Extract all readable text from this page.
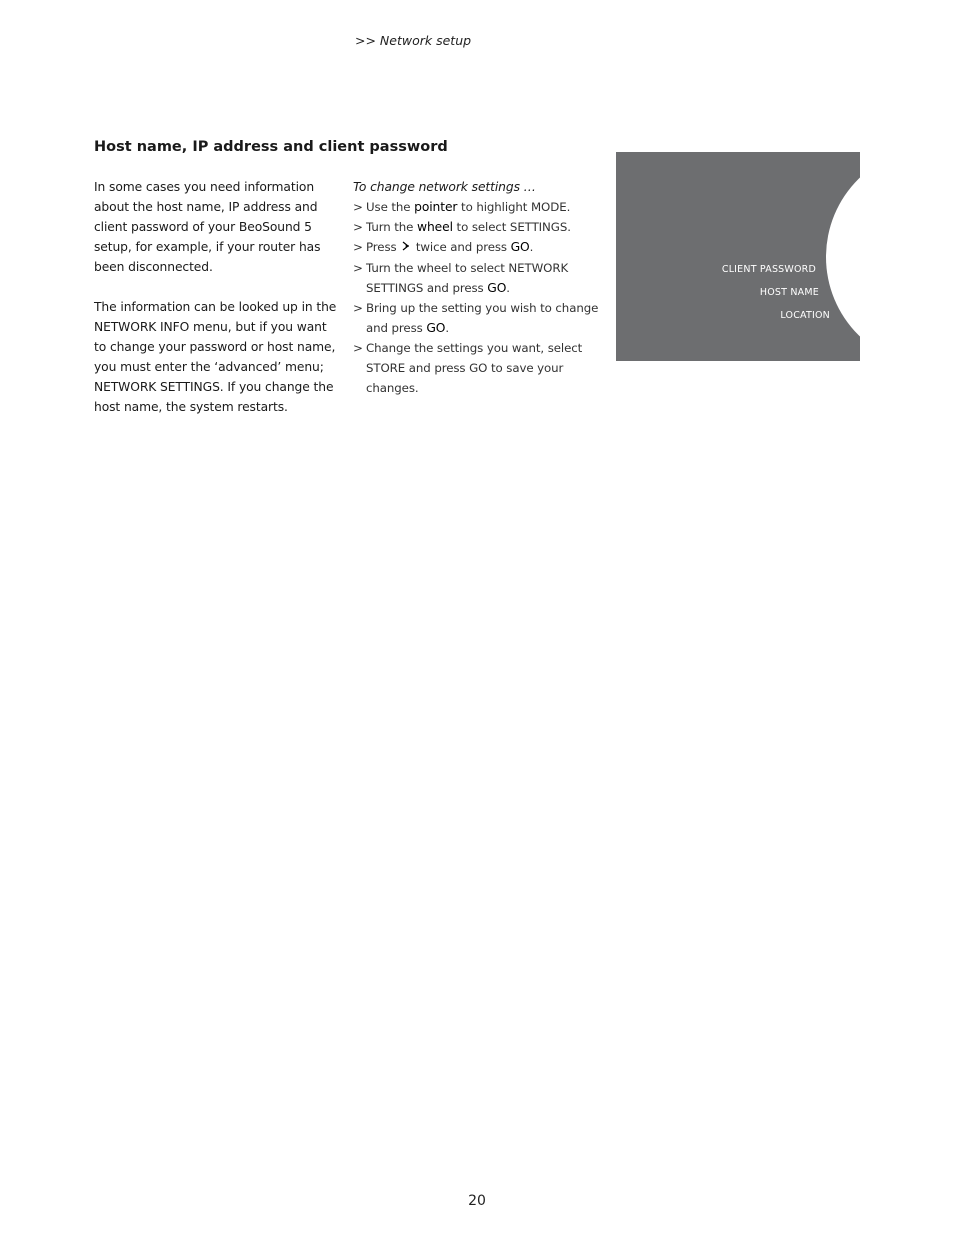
>> Network setup
Host name, IP address and client password

In some cases you need information about the host name, IP address and client password of your BeoSound 5 setup, for example, if your router has been disconnected.

The information can be looked up in the NETWORK INFO menu, but if you want to change your password or host name, you must enter the ‘advanced’ menu; NETWORK SETTINGS. If you change the host name, the system restarts.

To change network settings …

> Use the pointer to highlight MODE.
> Turn the wheel to select SETTINGS.
> Press  twice and press GO.
> Turn the wheel to select NETWORK SETTINGS and press GO.
> Bring up the setting you wish to change and press GO.
> Change the settings you want, select STORE and press GO to save your changes.
CLIENT PASSWORD
HOST NAME
LOCATION
20
